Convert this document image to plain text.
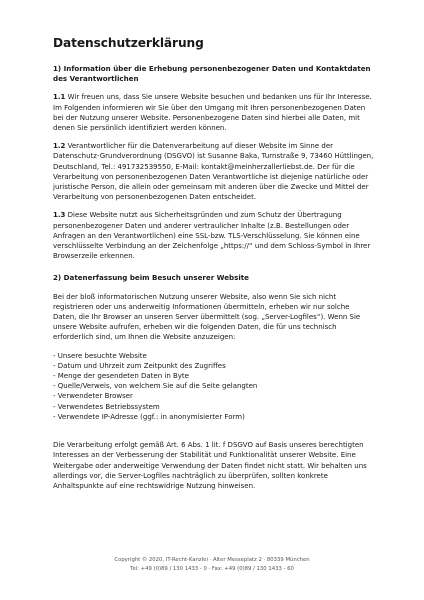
Datenschutzerklärung
1) Information über die Erhebung personenbezogener Daten und Kontaktdaten des Verantwortlichen

1.1 Wir freuen uns, dass Sie unsere Website besuchen und bedanken uns für Ihr Interesse. Im Folgenden informieren wir Sie über den Umgang mit Ihren personenbezogenen Daten bei der Nutzung unserer Website. Personenbezogene Daten sind hierbei alle Daten, mit denen Sie persönlich identifiziert werden können.

1.2 Verantwortlicher für die Datenverarbeitung auf dieser Website im Sinne der Datenschutz-Grundverordnung (DSGVO) ist Susanne Baka, Turnstraße 9, 73460 Hüttlingen, Deutschland, Tel.: 491732539550, E-Mail: kontakt@meinherzallerliebst.de. Der für die Verarbeitung von personenbezogenen Daten Verantwortliche ist diejenige natürliche oder juristische Person, die allein oder gemeinsam mit anderen über die Zwecke und Mittel der Verarbeitung von personenbezogenen Daten entscheidet.

1.3 Diese Website nutzt aus Sicherheitsgründen und zum Schutz der Übertragung personenbezogener Daten und anderer vertraulicher Inhalte (z.B. Bestellungen oder Anfragen an den Verantwortlichen) eine SSL-bzw. TLS-Verschlüsselung. Sie können eine verschlüsselte Verbindung an der Zeichenfolge „https://“ und dem Schloss-Symbol in Ihrer Browserzeile erkennen.

2) Datenerfassung beim Besuch unserer Website

Bei der bloß informatorischen Nutzung unserer Website, also wenn Sie sich nicht registrieren oder uns anderweitig Informationen übermitteln, erheben wir nur solche Daten, die Ihr Browser an unseren Server übermittelt (sog. „Server-Logfiles“). Wenn Sie unsere Website aufrufen, erheben wir die folgenden Daten, die für uns technisch erforderlich sind, um Ihnen die Website anzuzeigen:

- Unsere besuchte Website
- Datum und Uhrzeit zum Zeitpunkt des Zugriffes
- Menge der gesendeten Daten in Byte
- Quelle/Verweis, von welchem Sie auf die Seite gelangten
- Verwendeter Browser
- Verwendetes Betriebssystem
- Verwendete IP-Adresse (ggf.: in anonymisierter Form)

Die Verarbeitung erfolgt gemäß Art. 6 Abs. 1 lit. f DSGVO auf Basis unseres berechtigten Interesses an der Verbesserung der Stabilität und Funktionalität unserer Website. Eine Weitergabe oder anderweitige Verwendung der Daten findet nicht statt. Wir behalten uns allerdings vor, die Server-Logfiles nachträglich zu überprüfen, sollten konkrete Anhaltspunkte auf eine rechtswidrige Nutzung hinweisen.

Copyright © 2020, IT-Recht-Kanzlei · Alter Messeplatz 2 · 80339 München
Tel: +49 (0)89 / 130 1433 - 0 · Fax: +49 (0)89 / 130 1433 - 60
